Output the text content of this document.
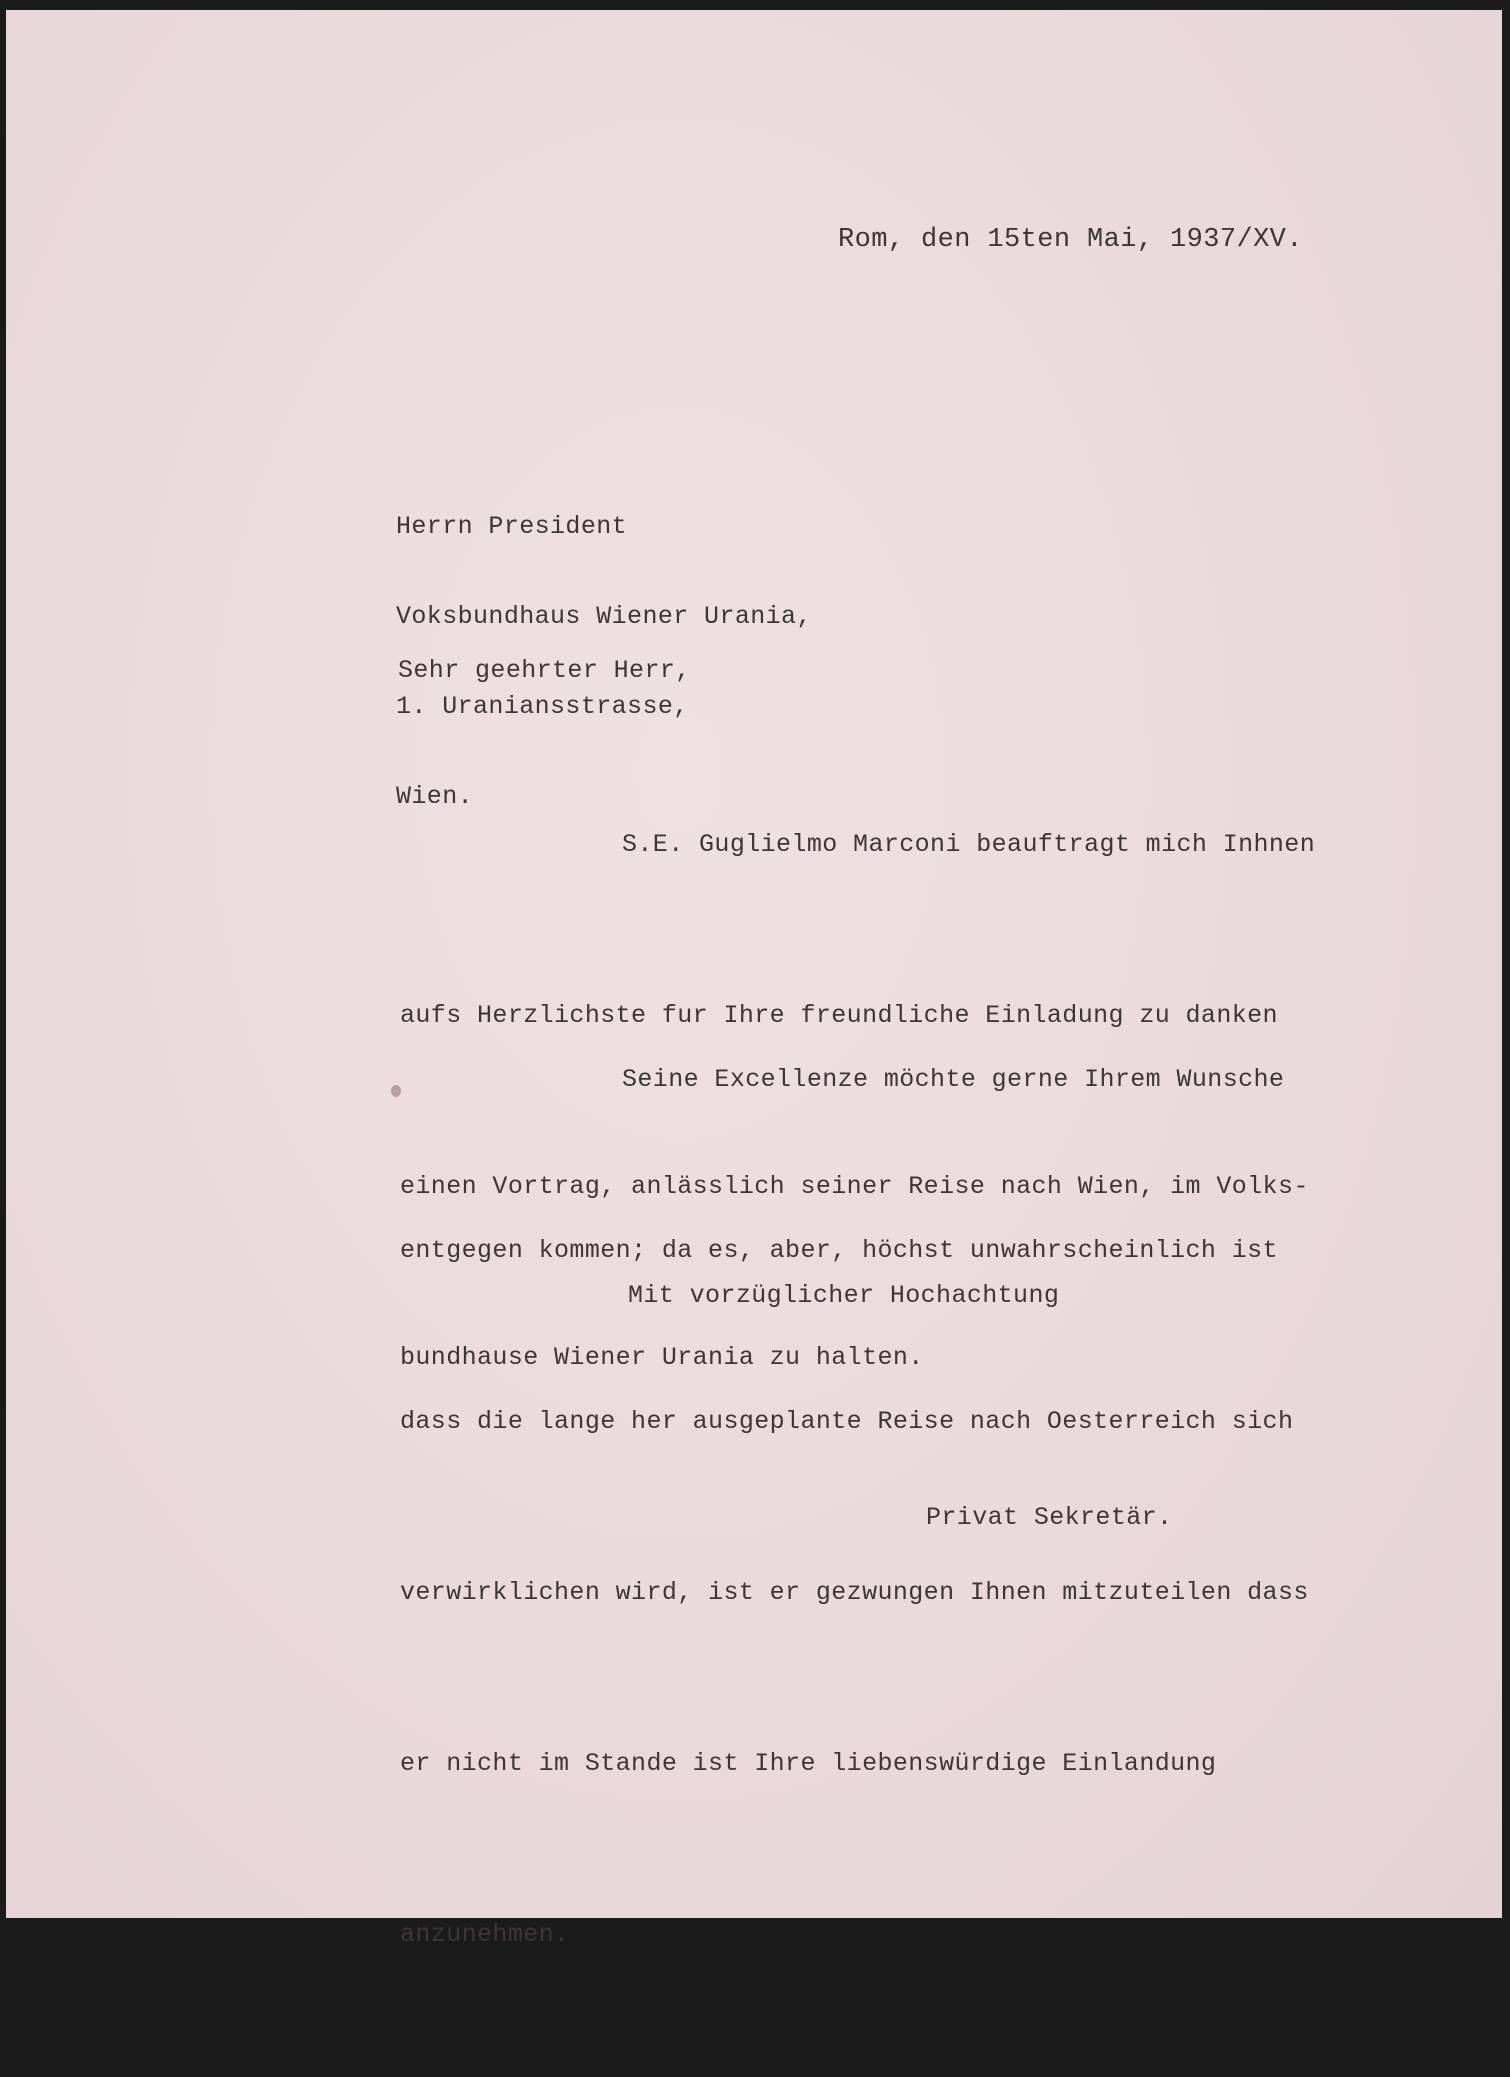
Rom, den 15ten Mai, 1937/XV.

Herrn President

Voksbundhaus Wiener Urania,

1. Uraniansstrasse,

Wien.

Sehr geehrter Herr,

S.E. Guglielmo Marconi beauftragt mich Inhnen

aufs Herzlichste fur Ihre freundliche Einladung zu danken

einen Vortrag, anlässlich seiner Reise nach Wien, im Volks-

bundhause Wiener Urania zu halten.

Seine Excellenze möchte gerne Ihrem Wunsche

entgegen kommen; da es, aber, höchst unwahrscheinlich ist

dass die lange her ausgeplante Reise nach Oesterreich sich

verwirklichen wird, ist er gezwungen Ihnen mitzuteilen dass

er nicht im Stande ist Ihre liebenswürdige Einlandung

anzunehmen.

Mit vorzüglicher Hochachtung
Privat Sekretär.
